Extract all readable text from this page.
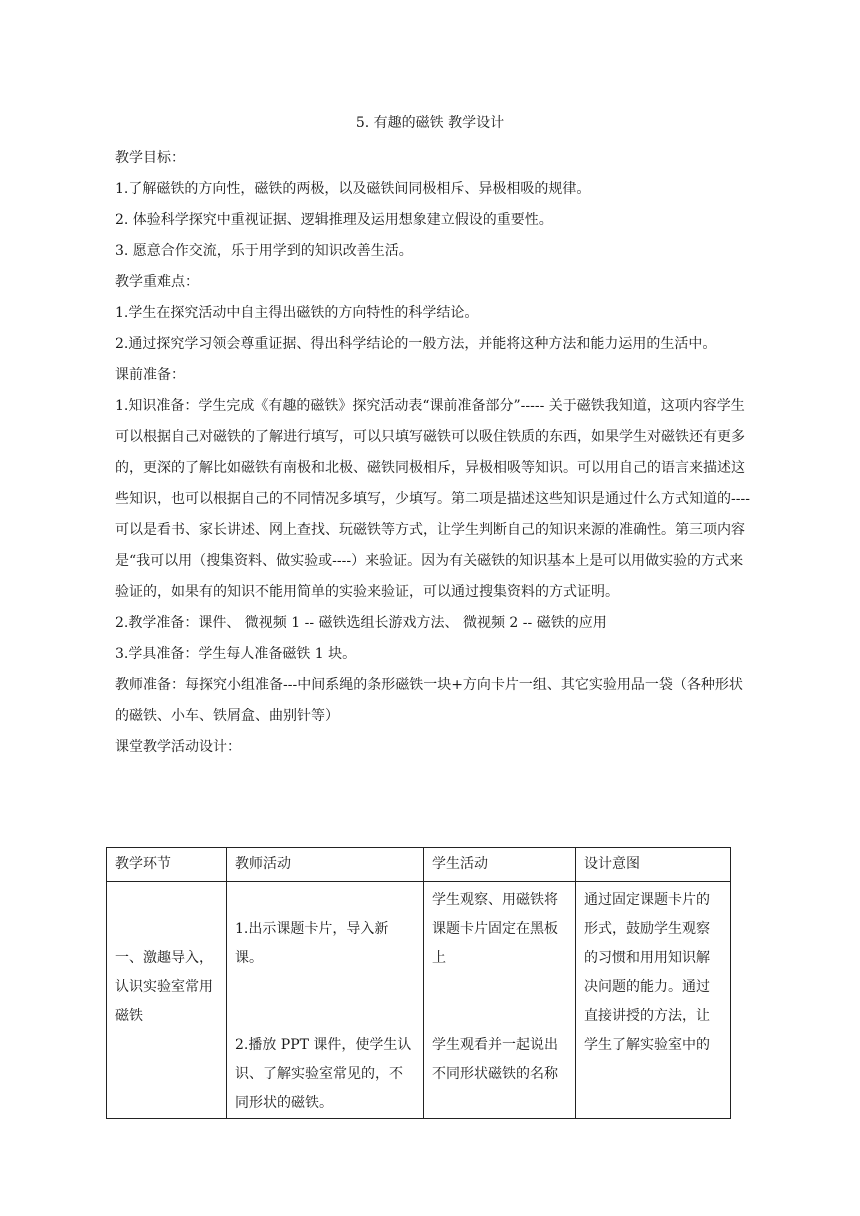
5. 有趣的磁铁 教学设计

教学目标：

1.了解磁铁的方向性，磁铁的两极，以及磁铁间同极相斥、异极相吸的规律。

2. 体验科学探究中重视证据、逻辑推理及运用想象建立假设的重要性。

3. 愿意合作交流，乐于用学到的知识改善生活。

教学重难点：

1.学生在探究活动中自主得出磁铁的方向特性的科学结论。

2.通过探究学习领会尊重证据、得出科学结论的一般方法，并能将这种方法和能力运用的生活中。

课前准备：

1.知识准备：学生完成《有趣的磁铁》探究活动表“课前准备部分”----- 关于磁铁我知道，这项内容学生可以根据自己对磁铁的了解进行填写，可以只填写磁铁可以吸住铁质的东西，如果学生对磁铁还有更多的，更深的了解比如磁铁有南极和北极、磁铁同极相斥，异极相吸等知识。可以用自己的语言来描述这些知识，也可以根据自己的不同情况多填写，少填写。第二项是描述这些知识是通过什么方式知道的----可以是看书、家长讲述、网上查找、玩磁铁等方式，让学生判断自己的知识来源的准确性。第三项内容是“我可以用（搜集资料、做实验或----）来验证。因为有关磁铁的知识基本上是可以用做实验的方式来验证的，如果有的知识不能用简单的实验来验证，可以通过搜集资料的方式证明。

2.教学准备：课件、 微视频 1 -- 磁铁选组长游戏方法、 微视频 2 -- 磁铁的应用

3.学具准备：学生每人准备磁铁 1 块。

教师准备：每探究小组准备---中间系绳的条形磁铁一块+方向卡片一组、其它实验用品一袋（各种形状的磁铁、小车、铁屑盒、曲别针等）

课堂教学活动设计：

教学环节	教师活动	学生活动	设计意图

一、激趣导入，认识实验室常用磁铁	1.出示课题卡片，导入新课。
2.播放 PPT 课件，使学生认识、了解实验室常见的，不同形状的磁铁。	学生观察、用磁铁将课题卡片固定在黑板上
学生观看并一起说出不同形状磁铁的名称	通过固定课题卡片的形式，鼓励学生观察的习惯和用用知识解决问题的能力。通过直接讲授的方法，让学生了解实验室中的
